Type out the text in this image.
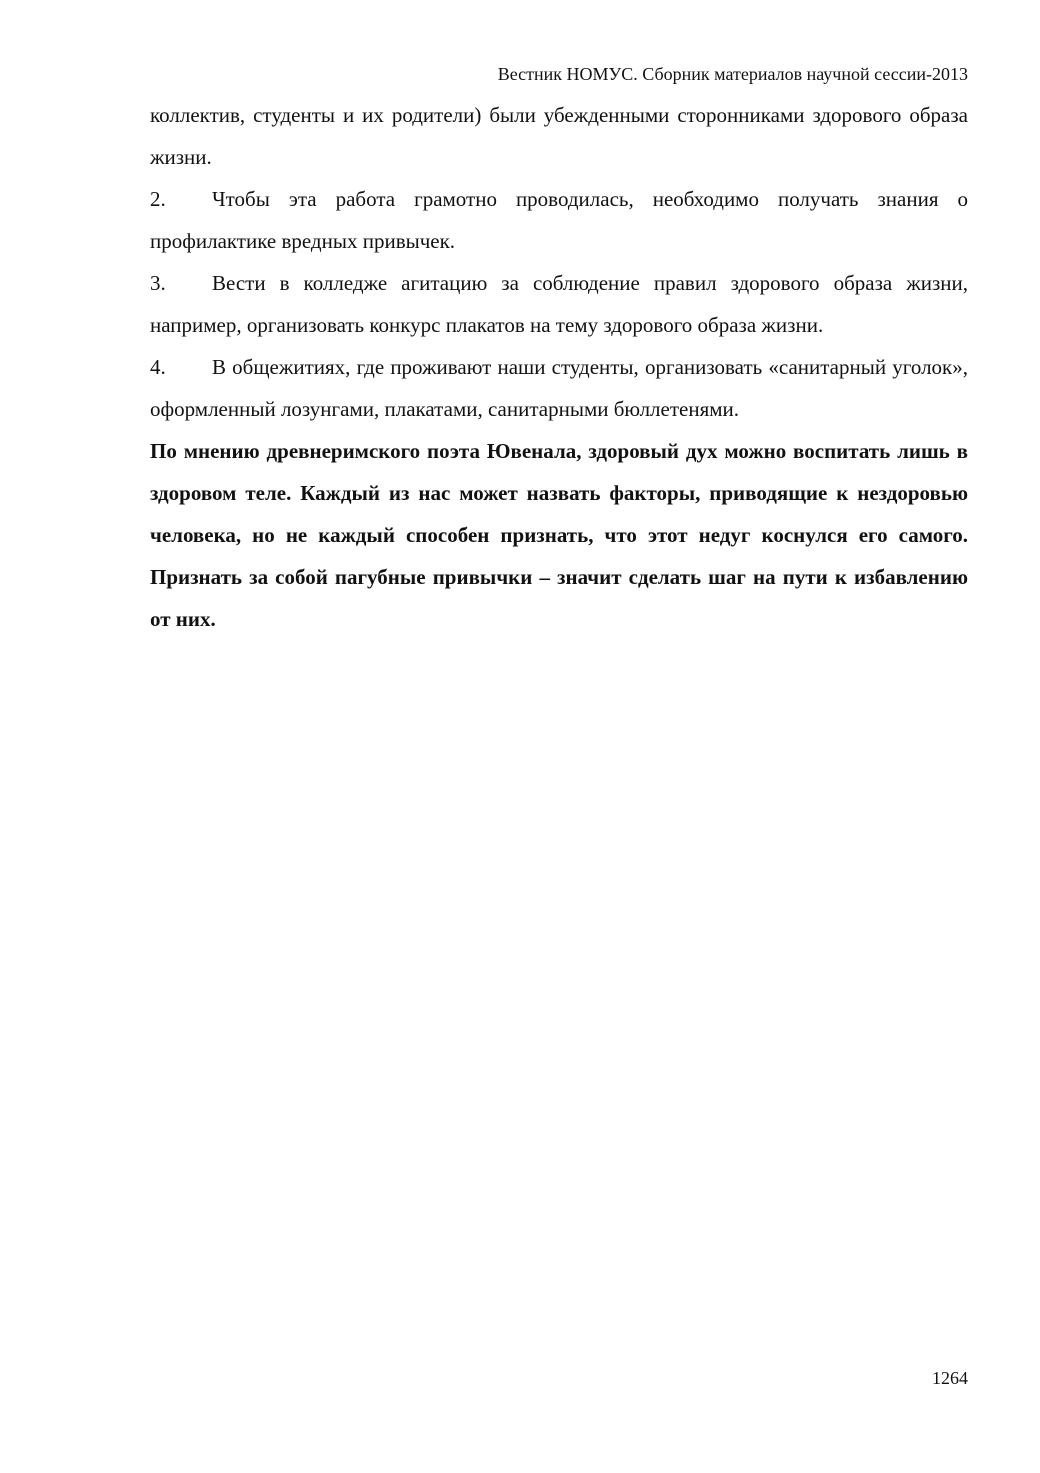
Вестник НОМУС. Сборник материалов научной сессии-2013

коллектив, студенты и их родители) были убежденными сторонниками здорового образа жизни.

2. Чтобы эта работа грамотно проводилась, необходимо получать знания о профилактике вредных привычек.

3. Вести в колледже агитацию за соблюдение правил здорового образа жизни, например, организовать конкурс плакатов на тему здорового образа жизни.

4. В общежитиях, где проживают наши студенты, организовать «санитарный уголок», оформленный лозунгами, плакатами, санитарными бюллетенями.

По мнению древнеримского поэта Ювенала, здоровый дух можно воспитать лишь в здоровом теле. Каждый из нас может назвать факторы, приводящие к нездоровью человека, но не каждый способен признать, что этот недуг коснулся его самого. Признать за собой пагубные привычки – значит сделать шаг на пути к избавлению от них.

1264
